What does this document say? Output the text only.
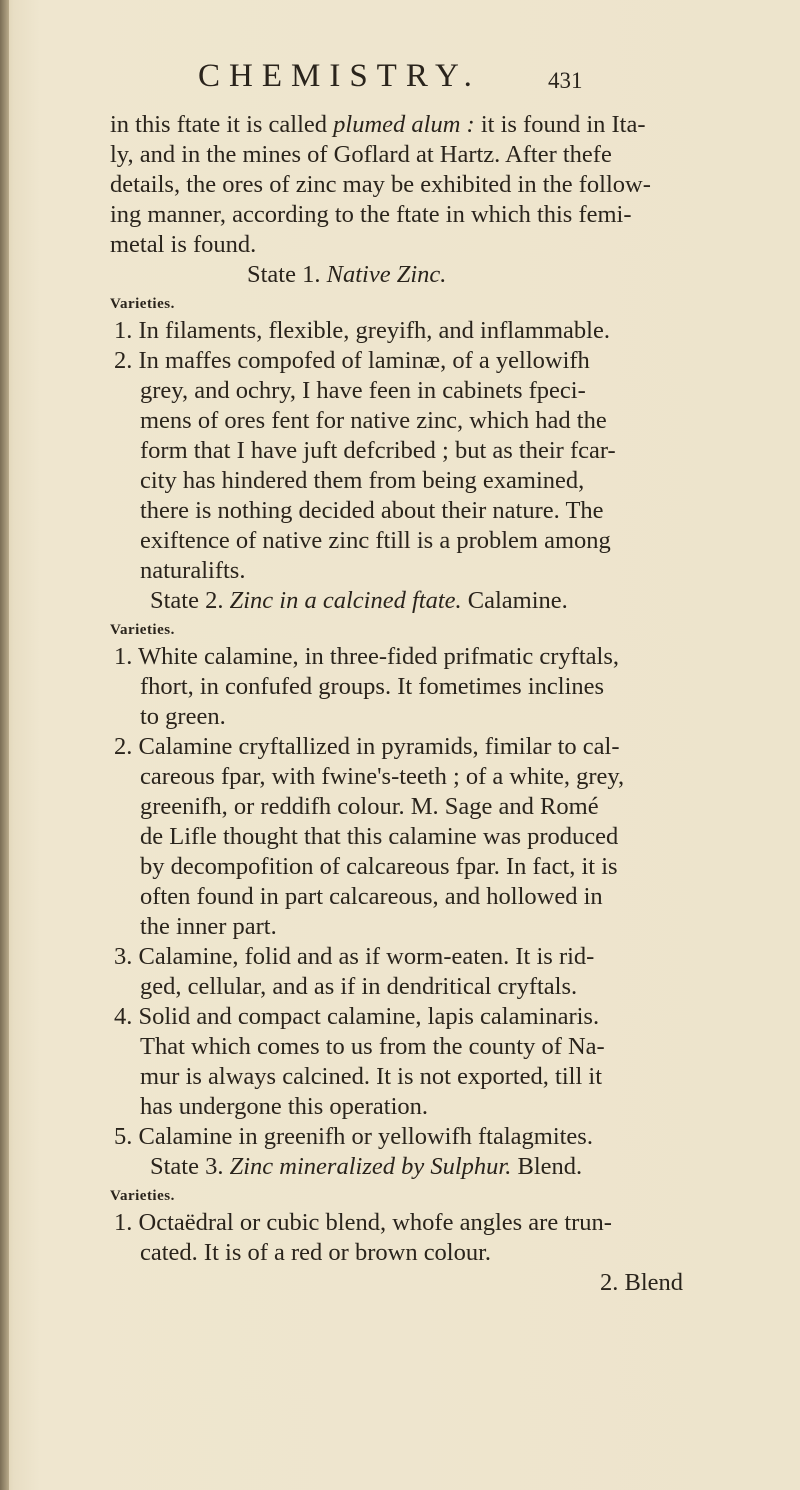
CHEMISTRY.	431
in this ftate it is called plumed alum : it is found in Ita-
ly, and in the mines of Goflard at Hartz. After thefe
details, the ores of zinc may be exhibited in the follow-
ing manner, according to the ftate in which this femi-
metal is found.
State 1. Native Zinc.
Varieties.
1. In filaments, flexible, greyifh, and inflammable.
2. In maffes compofed of laminæ, of a yellowifh
grey, and ochry, I have feen in cabinets fpeci-
mens of ores fent for native zinc, which had the
form that I have juft defcribed ; but as their fcar-
city has hindered them from being examined,
there is nothing decided about their nature. The
exiftence of native zinc ftill is a problem among
naturalifts.
State 2. Zinc in a calcined ftate. Calamine.
Varieties.
1. White calamine, in three-fided prifmatic cryftals,
fhort, in confufed groups. It fometimes inclines
to green.
2. Calamine cryftallized in pyramids, fimilar to cal-
careous fpar, with fwine's-teeth ; of a white, grey,
greenifh, or reddifh colour. M. Sage and Romé
de Lifle thought that this calamine was produced
by decompofition of calcareous fpar. In fact, it is
often found in part calcareous, and hollowed in
the inner part.
3. Calamine, folid and as if worm-eaten. It is rid-
ged, cellular, and as if in dendritical cryftals.
4. Solid and compact calamine, lapis calaminaris.
That which comes to us from the county of Na-
mur is always calcined. It is not exported, till it
has undergone this operation.
5. Calamine in greenifh or yellowifh ftalagmites.
State 3. Zinc mineralized by Sulphur. Blend.
Varieties.
1. Octaëdral or cubic blend, whofe angles are trun-
cated. It is of a red or brown colour.
2. Blend
